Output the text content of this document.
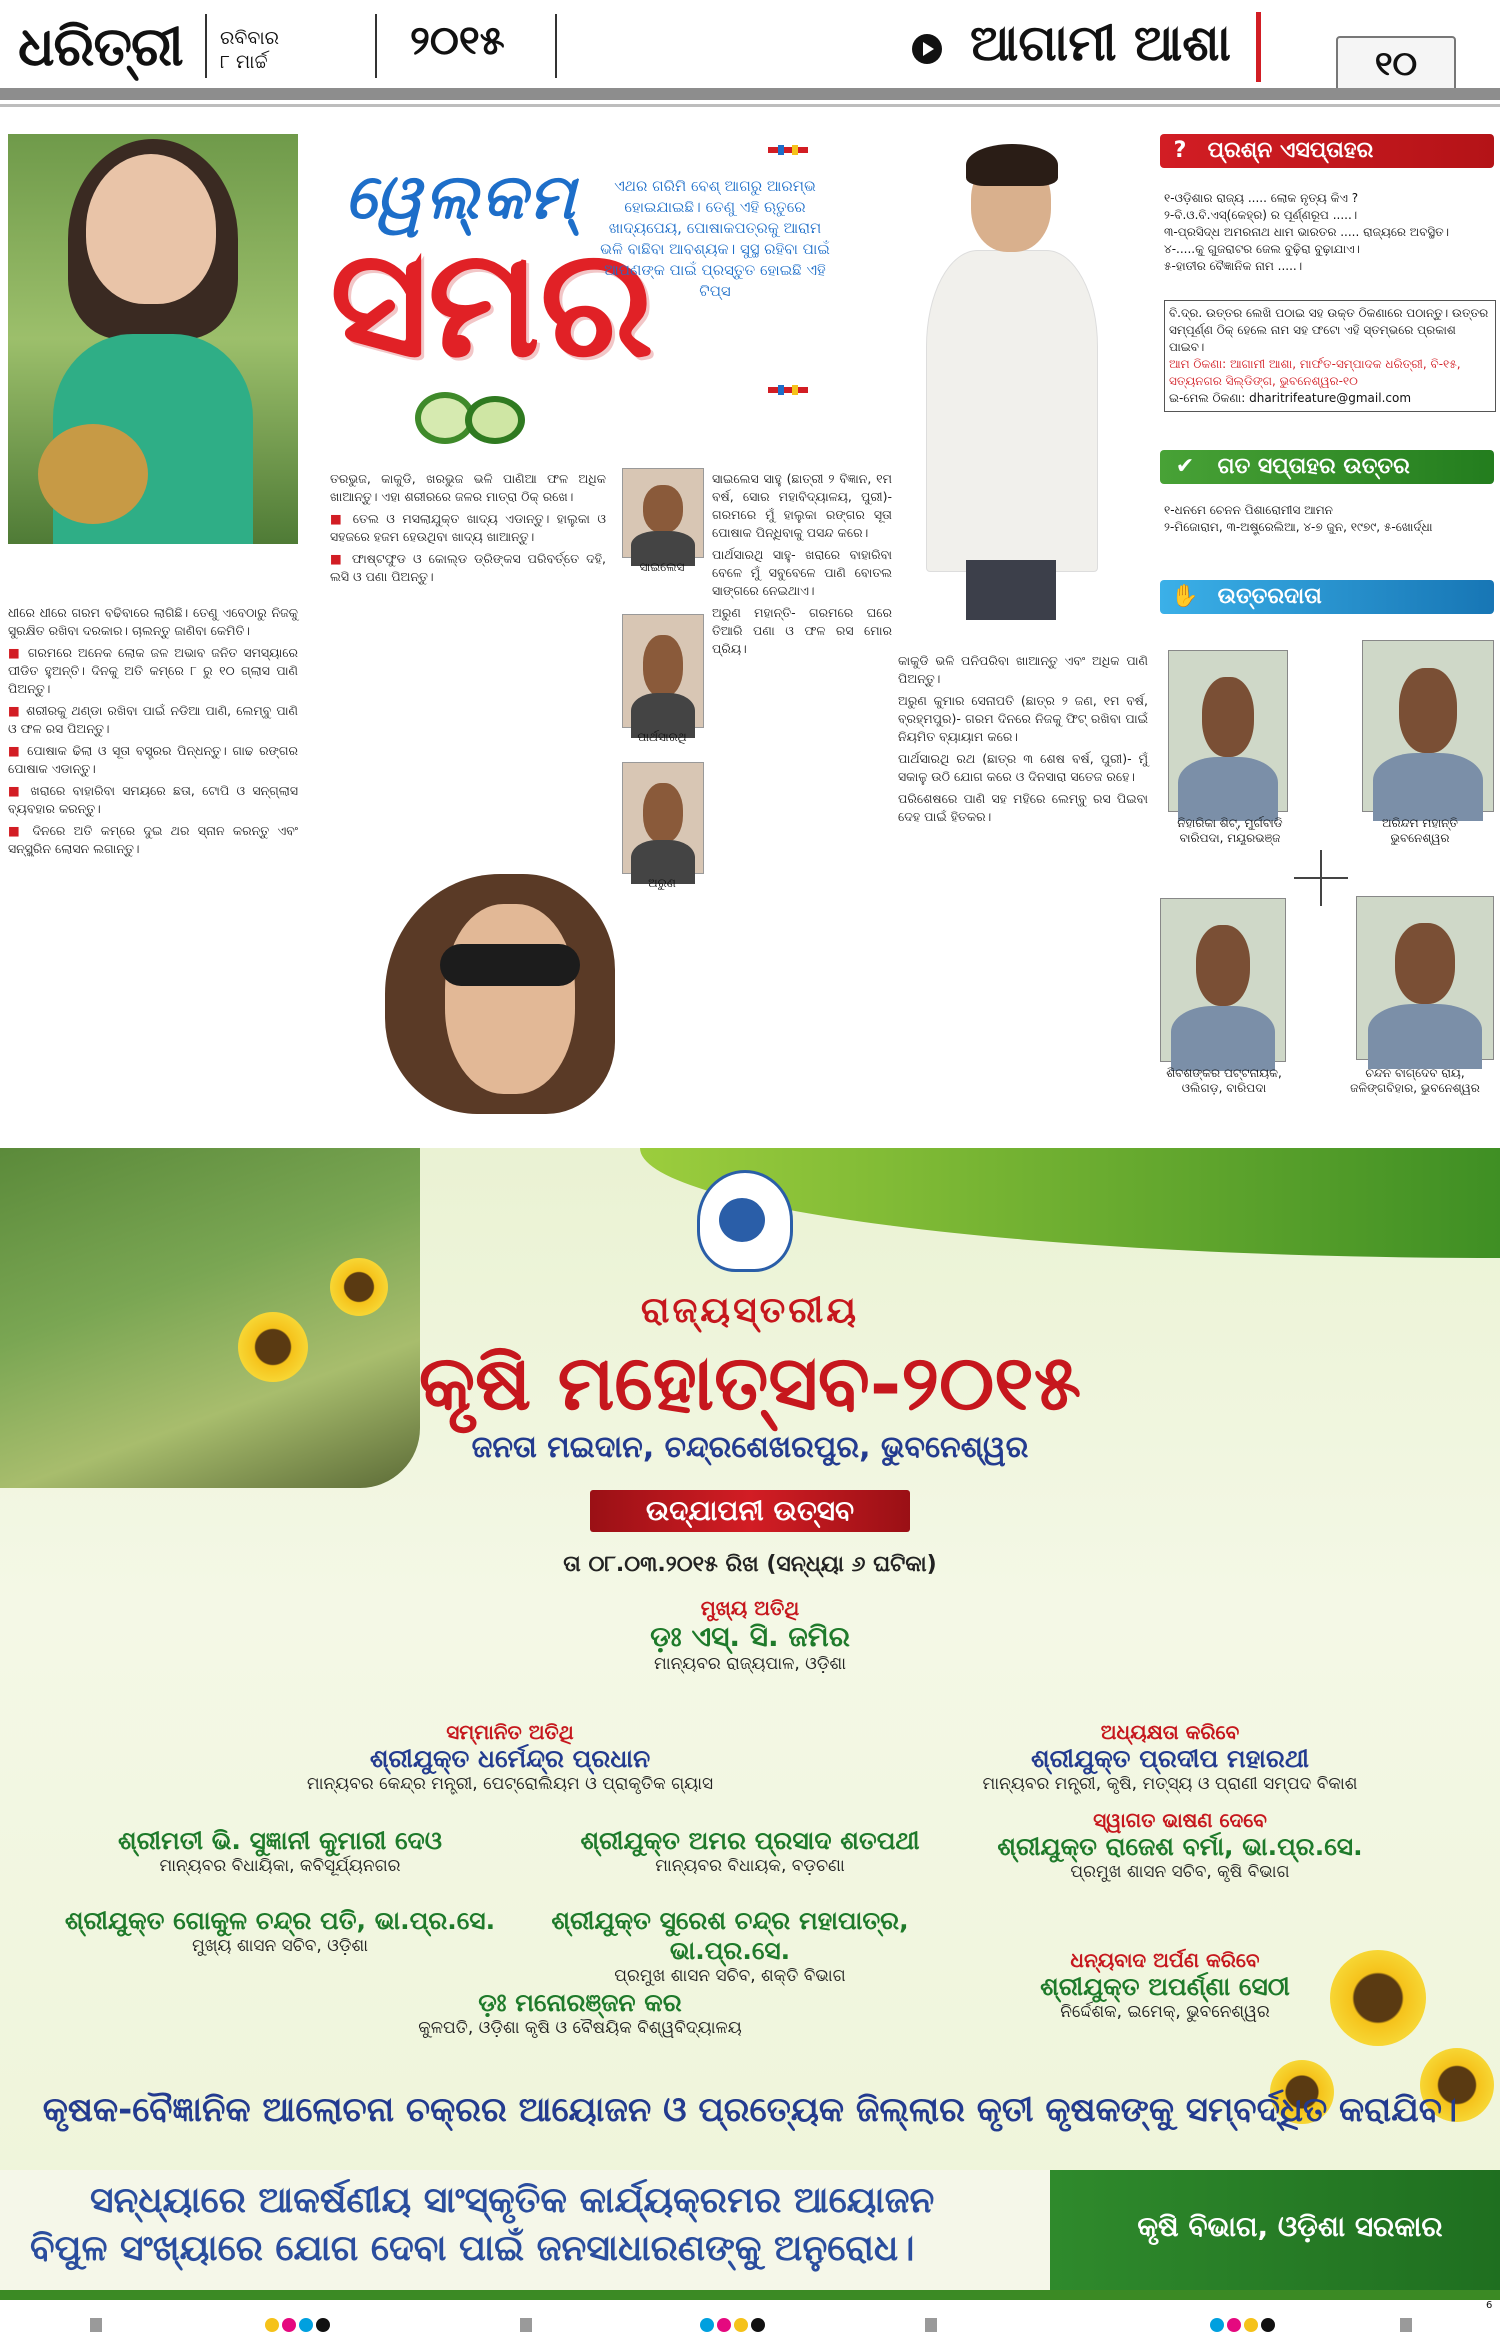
ଧରିତ୍ରୀ ରବିବାର
୮ ମାର୍ଚ୍ଚ	୨୦୧୫	ଆଗାମୀ ଆଶା	୧୦
ୱେଲ୍‌କମ୍‌
ସମର
ଏଥର ଗରିମି ବେଶ୍ ଆଗରୁ ଆରମ୍ଭ ହୋଇଯାଇଛି। ତେଣୁ ଏହି ଋତୁରେ ଖାଦ୍ୟପେୟ, ପୋଷାକପତ୍ରକୁ ଆରାମ ଭଳି ବାଛିବା ଆବଶ୍ୟକ। ସୁସ୍ଥ ରହିବା ପାଇଁ ଆପଣଙ୍କ ପାଇଁ ପ୍ରସ୍ତୁତ ହୋଇଛି ଏହି ଟିପ୍ସ

ଧୀରେ ଧୀରେ ଗରମ ବଢିବାରେ ଲାଗିଛି। ତେଣୁ ଏବେଠାରୁ ନିଜକୁ ସୁରକ୍ଷିତ ରଖିବା ଦରକାର। ଚାଲନ୍ତୁ ଜାଣିବା କେମିତି।

■ ଗରମରେ ଅନେକ ଲୋକ ଜଳ ଅଭାବ ଜନିତ ସମସ୍ୟାରେ ପୀଡିତ ହୁଅନ୍ତି। ଦିନକୁ ଅତି କମ୍‌ରେ ୮ ରୁ ୧୦ ଗ୍ଲାସ ପାଣି ପିଅନ୍ତୁ।

■ ଶରୀରକୁ ଥଣ୍ଡା ରଖିବା ପାଇଁ ନଡିଆ ପାଣି, ଲେମ୍ବୁ ପାଣି ଓ ଫଳ ରସ ପିଅନ୍ତୁ।

■ ପୋଷାକ ଢିଲା ଓ ସୂତା ବସ୍ତ୍ରର ପିନ୍ଧନ୍ତୁ। ଗାଢ ରଙ୍ଗର ପୋଷାକ ଏଡାନ୍ତୁ।

■ ଖରାରେ ବାହାରିବା ସମୟରେ ଛତା, ଟୋପି ଓ ସନ୍‌ଗ୍ଲାସ ବ୍ୟବହାର କରନ୍ତୁ।

■ ଦିନରେ ଅତି କମ୍‌ରେ ଦୁଇ ଥର ସ୍ନାନ କରନ୍ତୁ ଏବଂ ସନ୍‌ସ୍କ୍ରିନ ଲୋସନ ଲଗାନ୍ତୁ।

ତରଭୁଜ, କାକୁଡି, ଖରଭୁଜ ଭଳି ପାଣିଆ ଫଳ ଅଧିକ ଖାଆନ୍ତୁ। ଏହା ଶରୀରରେ ଜଳର ମାତ୍ରା ଠିକ୍ ରଖେ।

■ ତେଲ ଓ ମସଲାଯୁକ୍ତ ଖାଦ୍ୟ ଏଡାନ୍ତୁ। ହାଲୁକା ଓ ସହଜରେ ହଜମ ହେଉଥିବା ଖାଦ୍ୟ ଖାଆନ୍ତୁ।

■ ଫାଷ୍ଟଫୁଡ ଓ କୋଲ୍ଡ ଡ୍ରିଙ୍କସ ପରିବର୍ତ୍ତେ ଦହି, ଲସି ଓ ପଣା ପିଅନ୍ତୁ।

ସାଇଲେସ
ପାର୍ଥସାରଥି
ଅରୁଣ

ସାଇଲେସ ସାହୁ (ଛାତ୍ରୀ ୨ ବିଜ୍ଞାନ, ୧ମ ବର୍ଷ, ସୋର ମହାବିଦ୍ୟାଳୟ, ପୁରୀ)- ଗରମରେ ମୁଁ ହାଲୁକା ରଙ୍ଗର ସୂତା ପୋଷାକ ପିନ୍ଧିବାକୁ ପସନ୍ଦ କରେ।

ପାର୍ଥସାରଥି ସାହୁ- ଖରାରେ ବାହାରିବା ବେଳେ ମୁଁ ସବୁବେଳେ ପାଣି ବୋତଲ ସାଙ୍ଗରେ ନେଇଥାଏ।

ଅରୁଣ ମହାନ୍ତି- ଗରମରେ ଘରେ ତିଆରି ପଣା ଓ ଫଳ ରସ ମୋର ପ୍ରିୟ।

କାକୁଡି ଭଳି ପନିପରିବା ଖାଆନ୍ତୁ ଏବଂ ଅଧିକ ପାଣି ପିଅନ୍ତୁ।

ଅରୁଣ କୁମାର ସେନାପତି (ଛାତ୍ର ୨ ଜଣ, ୧ମ ବର୍ଷ, ବ୍ରହ୍ମପୁର)- ଗରମ ଦିନରେ ନିଜକୁ ଫିଟ୍ ରଖିବା ପାଇଁ ନିୟମିତ ବ୍ୟାୟାମ କରେ।

ପାର୍ଥସାରଥି ରଥ (ଛାତ୍ର ୩ ଶେଷ ବର୍ଷ, ପୁରୀ)- ମୁଁ ସକାଳୁ ଉଠି ଯୋଗ କରେ ଓ ଦିନସାରା ସତେଜ ରହେ।

ପରିଶେଷରେ ପାଣି ସହ ମହିରେ ଲେମ୍ବୁ ରସ ପିଇବା ଦେହ ପାଇଁ ହିତକର।

? ପ୍ରଶ୍ନ ଏସପ୍ତାହର
୧-ଓଡ଼ିଶାର ରାଜ୍ୟ ..... ଲୋକ ନୃତ୍ୟ କିଏ ?
୨-ବି.ଓ.ବି.ଏସ୍‌(କେହ୍ର) ର ପୂର୍ଣ୍ଣରୂପ .....।
୩-ପ୍ରସିଦ୍ଧ ଅମରନାଥ ଧାମ ଭାରତର ..... ରାଜ୍ୟରେ ଅବସ୍ଥିତ।
୪-.....କୁ ଗୁଜରାଟର ଜେଲ ବୁଢ଼ିରା ବୁଢ଼ାଯାଏ।
୫-ହାତୀର ବୈଜ୍ଞାନିକ ନାମ .....।
ବି.ଦ୍ର. ଉତ୍ତର ଲେଖି ପଠାଇ ସହ ଉକ୍ତ ଠିକଣାରେ ପଠାନ୍ତୁ। ଉତ୍ତର ସମ୍ପୂର୍ଣ୍ଣ ଠିକ୍ ହେଲେ ନାମ ସହ ଫଟୋ ଏହି ସ୍ତମ୍ଭରେ ପ୍ରକାଶ ପାଇବ।
ଆମ ଠିକଣା: ଆଗାମୀ ଆଶା, ମାର୍ଫତ-ସମ୍ପାଦକ ଧରିତ୍ରୀ, ବି-୧୫, ସତ୍ୟନଗର ସିଲ୍ଡିଙ୍ଗ, ଭୁବନେଶ୍ୱର-୧୦
ଇ-ମେଲ ଠିକଣା: dharitrifeature@gmail.com
✔ ଗତ ସପ୍ତାହର ଉତ୍ତର
୧-ଧନମେ ଚେନନ ପିଶାରୋମୀସ ଆମନ
୨-ମିଜୋରାମ, ୩-ଅଷ୍ଟ୍ରେଲିଆ, ୪-୭ ଜୁନ, ୧୯୭୯, ୫-ଖୋର୍ଦ୍ଧା
✋ ଉତ୍ତରଦାତା
ନିହାରିକା ଶିଟ୍, ମୁର୍ଗବାଡି
ବାରିପଦା, ମୟୂରଭଞ୍ଜ
ଅରିନ୍ଦମ ମହାନ୍ତି
ଭୁବନେଶ୍ୱର
ଶିବଶଙ୍କର ପଟ୍ଟନାୟକ,
ଓଲିଗଡ଼, ବାରିପଦା
ଚନ୍ଦନ ବାଗ୍‌ଦେବ ରାୟ,
ଜଳିଙ୍ଗବିହାର, ଭୁବନେଶ୍ୱର
ରାଜ୍ୟସ୍ତରୀୟ
କୃଷି ମହୋତ୍ସବ-୨୦୧୫
ଜନତା ମଇଦାନ, ଚନ୍ଦ୍ରଶେଖରପୁର, ଭୁବନେଶ୍ୱର
ଉଦ୍‌ଯାପନୀ ଉତ୍ସବ
ତା ୦୮.୦୩.୨୦୧୫ ରିଖ (ସନ୍ଧ୍ୟା ୬ ଘଟିକା)
ମୁଖ୍ୟ ଅତିଥି
ଡ଼ଃ ଏସ୍‌. ସି. ଜମିର
ମାନ୍ୟବର ରାଜ୍ୟପାଳ, ଓଡ଼ିଶା
ସମ୍ମାନିତ ଅତିଥି
ଶ୍ରୀଯୁକ୍ତ ଧର୍ମେନ୍ଦ୍ର ପ୍ରଧାନ
ମାନ୍ୟବର କେନ୍ଦ୍ର ମନ୍ତ୍ରୀ, ପେଟ୍ରୋଲିୟମ ଓ ପ୍ରାକୃତିକ ଗ୍ୟାସ
ଅଧ୍ୟକ୍ଷତା କରିବେ
ଶ୍ରୀଯୁକ୍ତ ପ୍ରଦୀପ ମହାରଥୀ
ମାନ୍ୟବର ମନ୍ତ୍ରୀ, କୃଷି, ମତ୍ସ୍ୟ ଓ ପ୍ରାଣୀ ସମ୍ପଦ ବିକାଶ
ଶ୍ରୀମତୀ ଭି. ସୁଜ୍ଞାନୀ କୁମାରୀ ଦେଓ
ମାନ୍ୟବର ବିଧାୟିକା, କବିସୂର୍ଯ୍ୟନଗର
ଶ୍ରୀଯୁକ୍ତ ଅମର ପ୍ରସାଦ ଶତପଥୀ
ମାନ୍ୟବର ବିଧାୟକ, ବଡ଼ଚଣା
ସ୍ୱାଗତ ଭାଷଣ ଦେବେ
ଶ୍ରୀଯୁକ୍ତ ରାଜେଶ ବର୍ମା, ଭା.ପ୍ର.ସେ.
ପ୍ରମୁଖ ଶାସନ ସଚିବ, କୃଷି ବିଭାଗ
ଶ୍ରୀଯୁକ୍ତ ଗୋକୁଳ ଚନ୍ଦ୍ର ପତି, ଭା.ପ୍ର.ସେ.
ମୁଖ୍ୟ ଶାସନ ସଚିବ, ଓଡ଼ିଶା
ଶ୍ରୀଯୁକ୍ତ ସୁରେଶ ଚନ୍ଦ୍ର ମହାପାତ୍ର, ଭା.ପ୍ର.ସେ.
ପ୍ରମୁଖ ଶାସନ ସଚିବ, ଶକ୍ତି ବିଭାଗ
ଧନ୍ୟବାଦ ଅର୍ପଣ କରିବେ
ଶ୍ରୀଯୁକ୍ତ ଅପର୍ଣ୍ଣା ସେଠୀ
ନିର୍ଦ୍ଦେଶକ, ଇମେକ୍, ଭୁବନେଶ୍ୱର
ଡ଼ଃ ମନୋରଞ୍ଜନ କର
କୁଳପତି, ଓଡ଼ିଶା କୃଷି ଓ ବୈଷୟିକ ବିଶ୍ୱବିଦ୍ୟାଳୟ
କୃଷକ-ବୈଜ୍ଞାନିକ ଆଲୋଚନା ଚକ୍ରର ଆୟୋଜନ ଓ ପ୍ରତ୍ୟେକ ଜିଲ୍ଲାର କୃତୀ କୃଷକଙ୍କୁ ସମ୍ବର୍ଦ୍ଧିତ କରାଯିବ।
ସନ୍ଧ୍ୟାରେ ଆକର୍ଷଣୀୟ ସାଂସ୍କୃତିକ କାର୍ଯ୍ୟକ୍ରମର ଆୟୋଜନ
ବିପୁଳ ସଂଖ୍ୟାରେ ଯୋଗ ଦେବା ପାଇଁ ଜନସାଧାରଣଙ୍କୁ ଅନୁରୋଧ।
କୃଷି ବିଭାଗ, ଓଡ଼ିଶା ସରକାର
6
